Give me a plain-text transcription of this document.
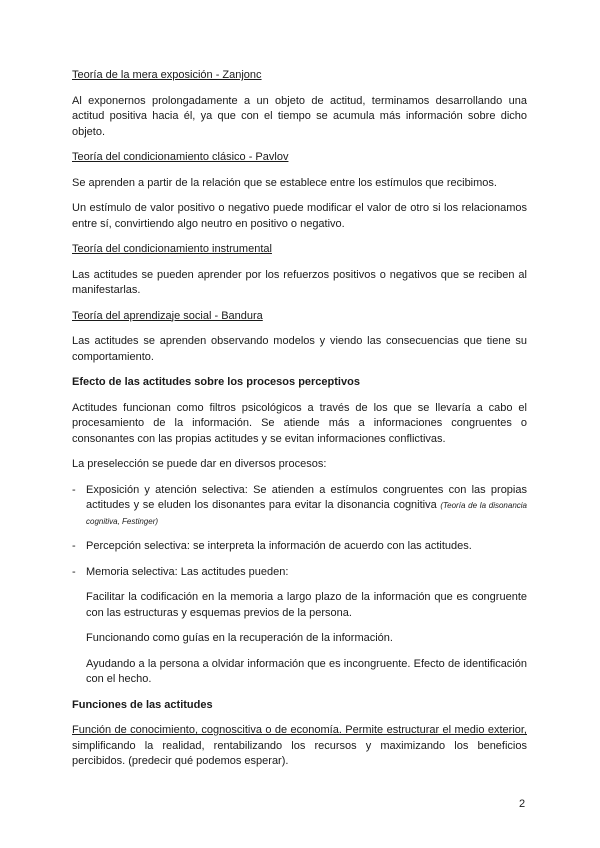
Teoría de la mera exposición - Zanjonc

Al exponernos prolongadamente a un objeto de actitud, terminamos desarrollando una actitud positiva hacia él, ya que con el tiempo se acumula más información sobre dicho objeto.

Teoría del condicionamiento clásico - Pavlov

Se aprenden a partir de la relación que se establece entre los estímulos que recibimos.

Un estímulo de valor positivo o negativo puede modificar el valor de otro si los relacionamos entre sí, convirtiendo algo neutro en positivo o negativo.

Teoría del condicionamiento instrumental

Las actitudes se pueden aprender por los refuerzos positivos o negativos que se reciben al manifestarlas.

Teoría del aprendizaje social - Bandura

Las actitudes se aprenden observando modelos y viendo las consecuencias que tiene su comportamiento.

Efecto de las actitudes sobre los procesos perceptivos

Actitudes funcionan como filtros psicológicos a través de los que se llevaría a cabo el procesamiento de la información. Se atiende más a informaciones congruentes o consonantes con las propias actitudes y se evitan informaciones conflictivas.

La preselección se puede dar en diversos procesos:

- Exposición y atención selectiva: Se atienden a estímulos congruentes con las propias actitudes y se eluden los disonantes para evitar la disonancia cognitiva (Teoría de la disonancia cognitiva, Festinger)
- Percepción selectiva: se interpreta la información de acuerdo con las actitudes.
- Memoria selectiva: Las actitudes pueden:

Facilitar la codificación en la memoria a largo plazo de la información que es congruente con las estructuras y esquemas previos de la persona.

Funcionando como guías en la recuperación de la información.

Ayudando a la persona a olvidar información que es incongruente. Efecto de identificación con el hecho.

Funciones de las actitudes

Función de conocimiento, cognoscitiva o de economía. Permite estructurar el medio exterior, simplificando la realidad, rentabilizando los recursos y maximizando los beneficios percibidos. (predecir qué podemos esperar).

2
